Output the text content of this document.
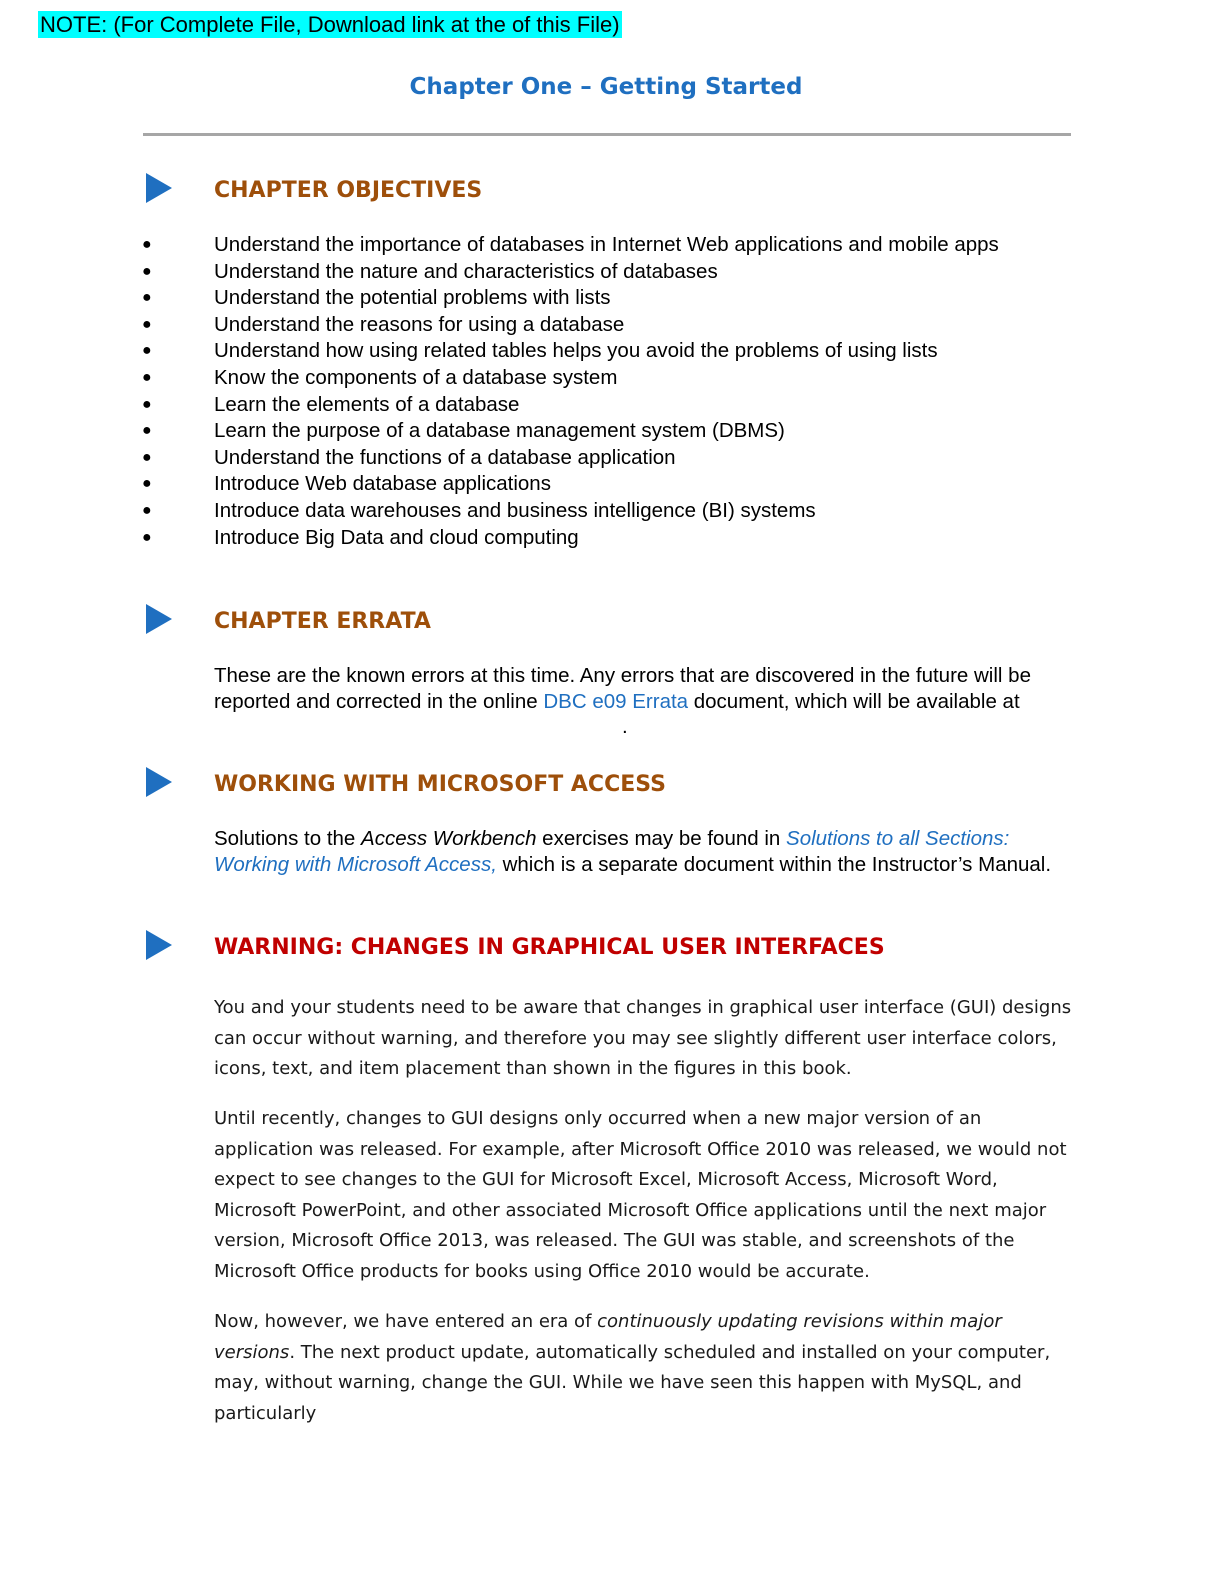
NOTE: (For Complete File, Download link at the of this File)
Chapter One – Getting Started
CHAPTER OBJECTIVES
●	Understand the importance of databases in Internet Web applications and mobile apps
●	Understand the nature and characteristics of databases
●	Understand the potential problems with lists
●	Understand the reasons for using a database
●	Understand how using related tables helps you avoid the problems of using lists
●	Know the components of a database system
●	Learn the elements of a database
●	Learn the purpose of a database management system (DBMS)
●	Understand the functions of a database application
●	Introduce Web database applications
●	Introduce data warehouses and business intelligence (BI) systems
●	Introduce Big Data and cloud computing
CHAPTER ERRATA

These are the known errors at this time. Any errors that are discovered in the future will be reported and corrected in the online DBC e09 Errata document, which will be available at.

WORKING WITH MICROSOFT ACCESS

Solutions to the Access Workbench exercises may be found in Solutions to all Sections: Working with Microsoft Access, which is a separate document within the Instructor’s Manual.

WARNING: CHANGES IN GRAPHICAL USER INTERFACES

You and your students need to be aware that changes in graphical user interface (GUI) designs can occur without warning, and therefore you may see slightly different user interface colors, icons, text, and item placement than shown in the figures in this book.

Until recently, changes to GUI designs only occurred when a new major version of an application was released. For example, after Microsoft Office 2010 was released, we would not expect to see changes to the GUI for Microsoft Excel, Microsoft Access, Microsoft Word, Microsoft PowerPoint, and other associated Microsoft Office applications until the next major version, Microsoft Office 2013, was released. The GUI was stable, and screenshots of the Microsoft Office products for books using Office 2010 would be accurate.

Now, however, we have entered an era of continuously updating revisions within major versions. The next product update, automatically scheduled and installed on your computer, may, without warning, change the GUI. While we have seen this happen with MySQL, and particularly
